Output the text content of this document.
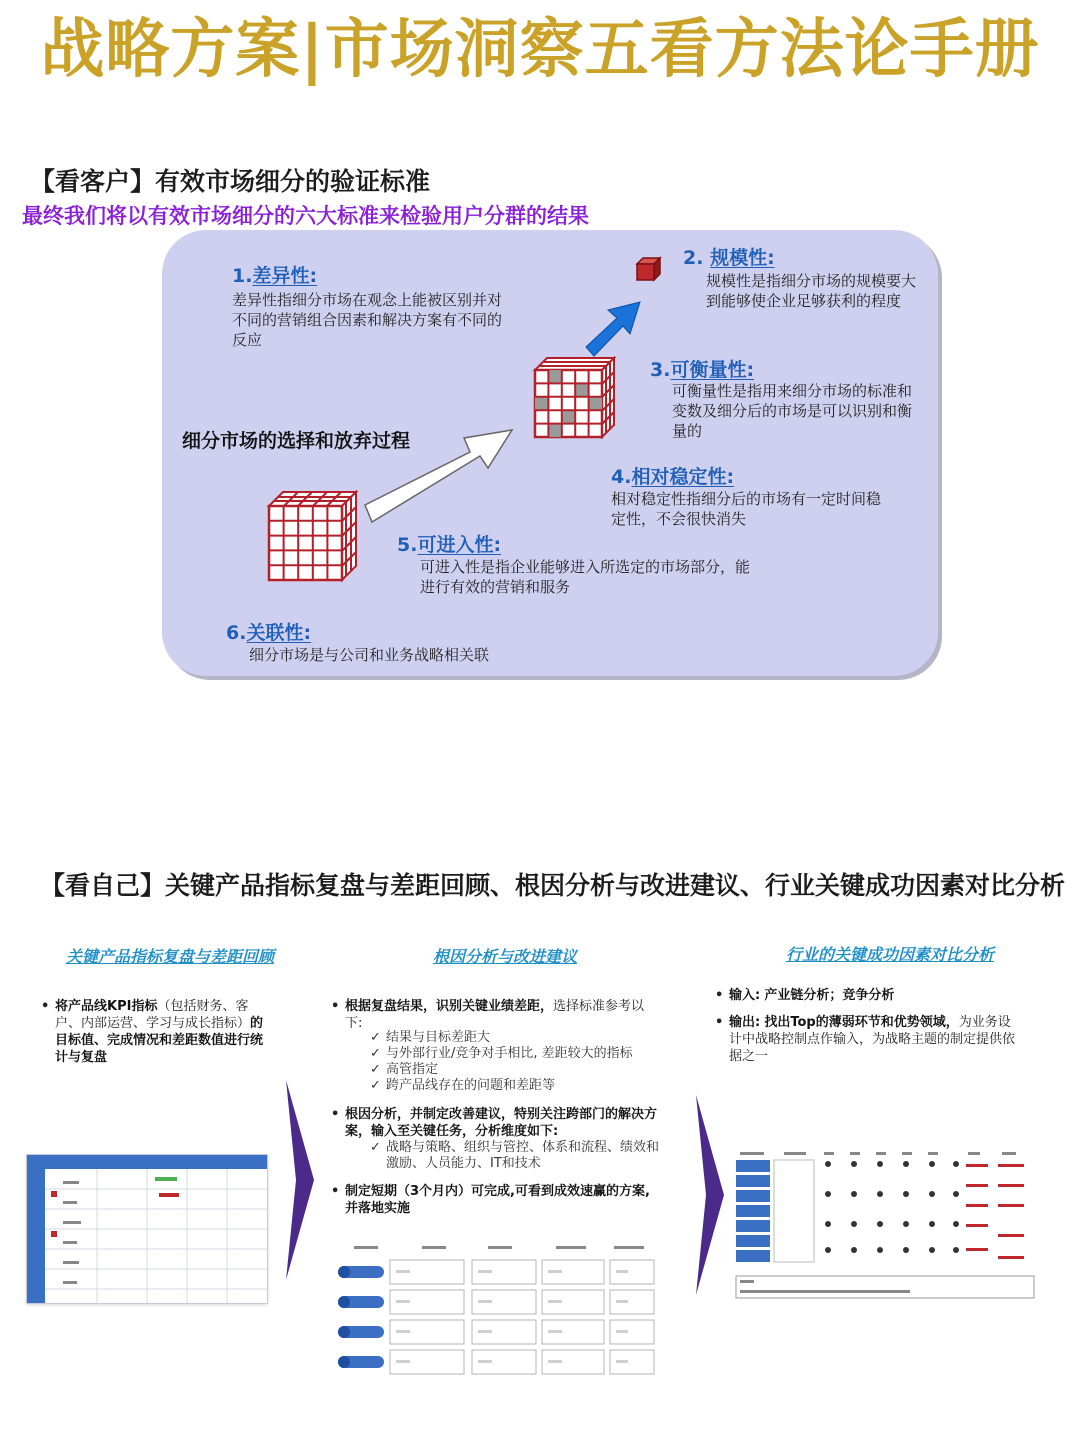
战略方案|市场洞察五看方法论手册
【看客户】有效市场细分的验证标准
最终我们将以有效市场细分的六大标准来检验用户分群的结果
1.差异性:
差异性指细分市场在观念上能被区别并对不同的营销组合因素和解决方案有不同的反应
2. 规模性:
规模性是指细分市场的规模要大到能够使企业足够获利的程度
3.可衡量性:
可衡量性是指用来细分市场的标准和变数及细分后的市场是可以识别和衡量的
细分市场的选择和放弃过程
4.相对稳定性:
相对稳定性指细分后的市场有一定时间稳定性，不会很快消失
5.可进入性:
可进入性是指企业能够进入所选定的市场部分，能进行有效的营销和服务
6.关联性:
细分市场是与公司和业务战略相关联
【看自己】关键产品指标复盘与差距回顾、根因分析与改进建议、行业关键成功因素对比分析
关键产品指标复盘与差距回顾	根因分析与改进建议	行业的关键成功因素对比分析
• 将产品线KPI指标（包括财务、客户、内部运营、学习与成长指标）的目标值、完成情况和差距数值进行统计与复盘
• 根据复盘结果，识别关键业绩差距，选择标准参考以下:
✓ 结果与目标差距大
✓ 与外部行业/竞争对手相比, 差距较大的指标
✓ 高管指定
✓ 跨产品线存在的问题和差距等
• 根因分析，并制定改善建议，特别关注跨部门的解决方案，输入至关键任务，分析维度如下:
✓ 战略与策略、组织与管控、体系和流程、绩效和激励、人员能力、IT和技术
• 制定短期（3个月内）可完成,可看到成效速赢的方案,并落地实施
• 输入: 产业链分析；竞争分析
• 输出: 找出Top的薄弱环节和优势领域，为业务设计中战略控制点作输入，为战略主题的制定提供依据之一
